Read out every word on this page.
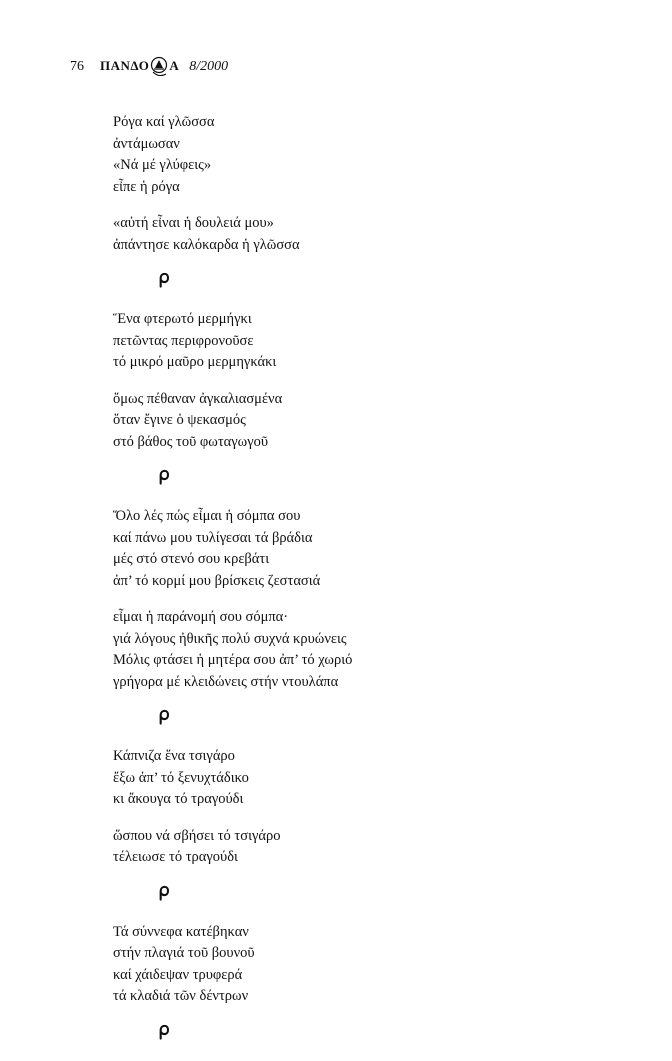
76 ΠΑΝΔΟ Α 8/2000
Ρόγα καί γλῶσσα
ἀντάμωσαν
«Νά μέ γλύφεις»
εἶπε ἡ ρόγα
«αὐτή εἶναι ἡ δουλειά μου»
ἀπάντησε καλόκαρδα ἡ γλῶσσα
Ἕνα φτερωτό μερμήγκι
πετῶντας περιφρονοῦσε
τό μικρό μαῦρο μερμηγκάκι
ὅμως πέθαναν ἀγκαλιασμένα
ὅταν ἔγινε ὁ ψεκασμός
στό βάθος τοῦ φωταγωγοῦ
Ὅλο λές πώς εἶμαι ἡ σόμπα σου
καί πάνω μου τυλίγεσαι τά βράδια
μές στό στενό σου κρεβάτι
ἀπ’ τό κορμί μου βρίσκεις ζεστασιά
εἶμαι ἡ παράνομή σου σόμπα·
γιά λόγους ἠθικῆς πολύ συχνά κρυώνεις
Μόλις φτάσει ἡ μητέρα σου ἀπ’ τό χωριό
γρήγορα μέ κλειδώνεις στήν ντουλάπα
Κάπνιζα ἕνα τσιγάρο
ἔξω ἀπ’ τό ξενυχτάδικο
κι ἄκουγα τό τραγούδι
ὥσπου νά σβήσει τό τσιγάρο
τέλειωσε τό τραγούδι
Τά σύννεφα κατέβηκαν
στήν πλαγιά τοῦ βουνοῦ
καί χάιδεψαν τρυφερά
τά κλαδιά τῶν δέντρων
